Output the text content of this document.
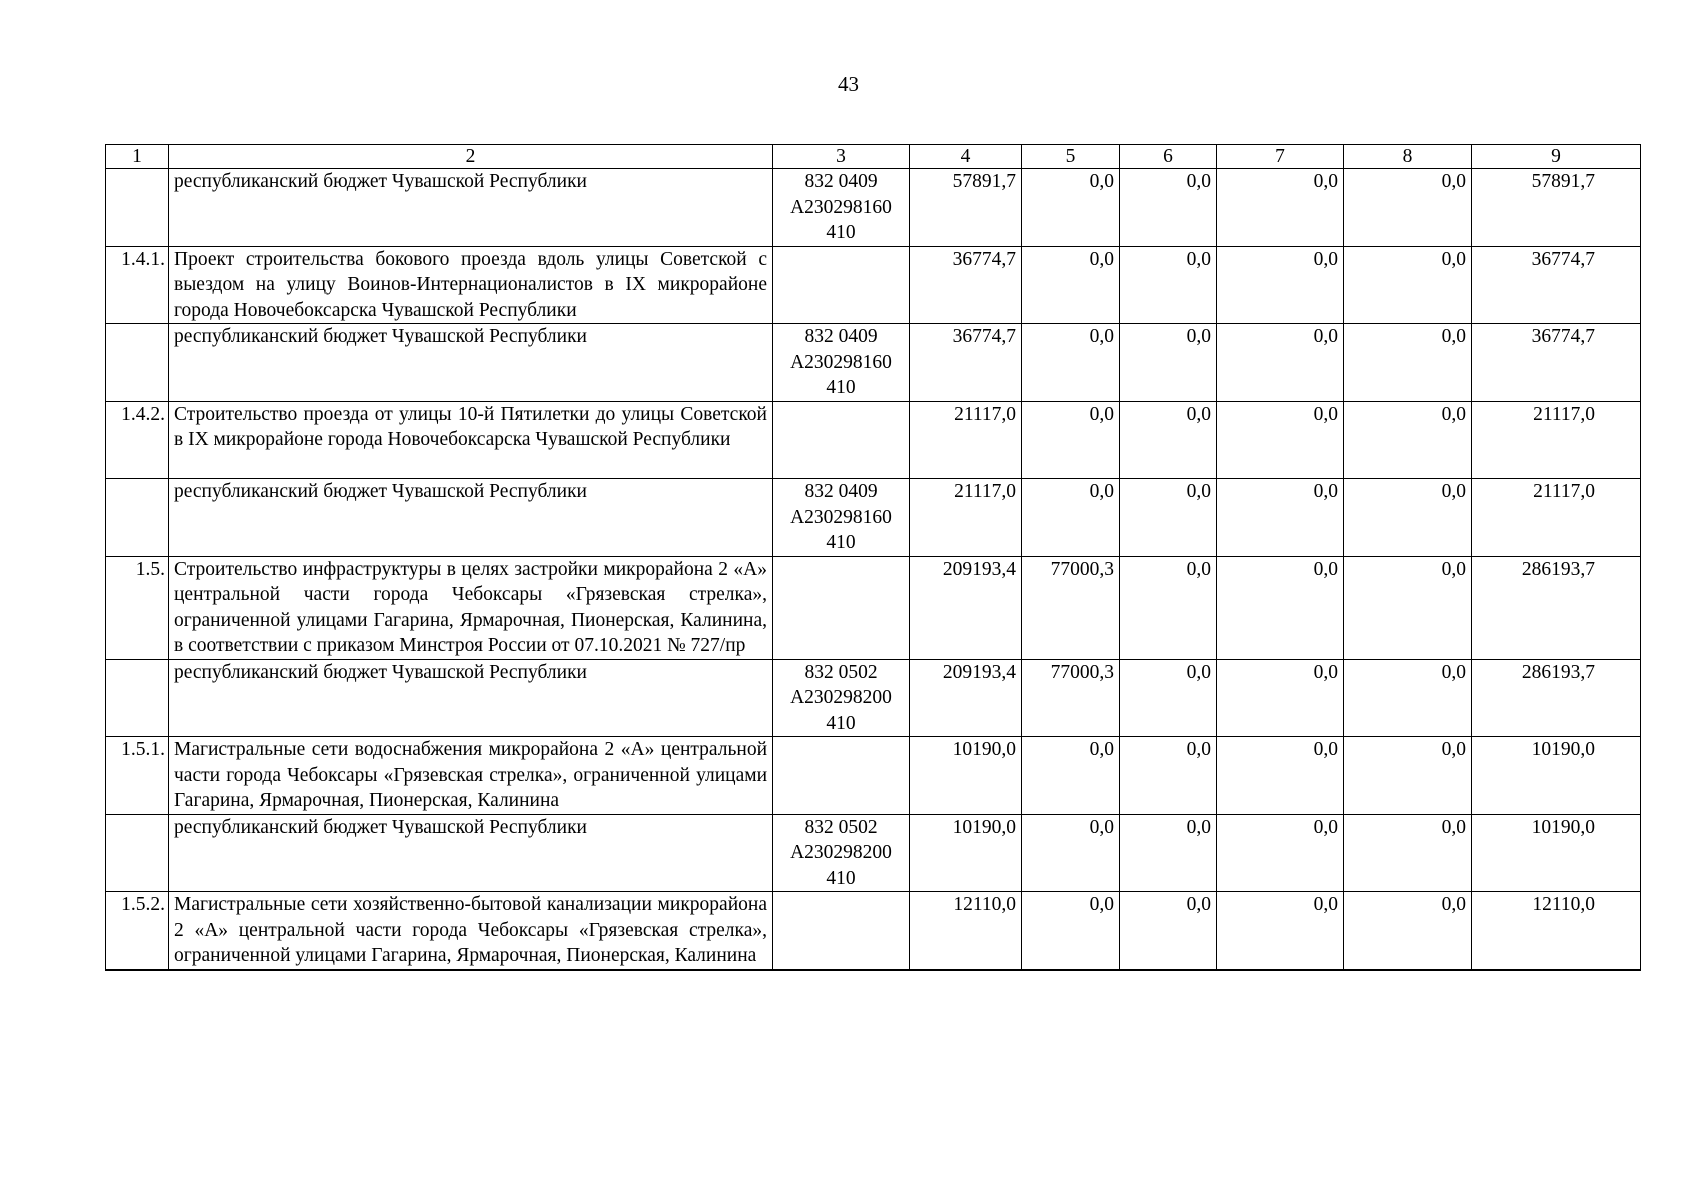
43
1	2	3	4	5	6	7	8	9
	республиканский бюджет Чувашской Республики	832 0409
А230298160
410	57891,7	0,0	0,0	0,0	0,0	57891,7
1.4.1.	Проект строительства бокового проезда вдоль улицы Советской с выездом на улицу Воинов-Интернационалистов в IX микрорайоне города Новочебоксарска Чувашской Республики		36774,7	0,0	0,0	0,0	0,0	36774,7
	республиканский бюджет Чувашской Республики	832 0409
А230298160
410	36774,7	0,0	0,0	0,0	0,0	36774,7
1.4.2.	Строительство проезда от улицы 10-й Пятилетки до улицы Советской в IX микрорайоне города Новочебоксарска Чувашской Республики		21117,0	0,0	0,0	0,0	0,0	21117,0
	республиканский бюджет Чувашской Республики	832 0409
А230298160
410	21117,0	0,0	0,0	0,0	0,0	21117,0
1.5.	Строительство инфраструктуры в целях застройки микрорайона 2 «А» центральной части города Чебоксары «Грязевская стрелка», ограниченной улицами Гагарина, Ярмарочная, Пионерская, Калинина, в соответствии с приказом Минстроя России от 07.10.2021 № 727/пр		209193,4	77000,3	0,0	0,0	0,0	286193,7
	республиканский бюджет Чувашской Республики	832 0502
А230298200
410	209193,4	77000,3	0,0	0,0	0,0	286193,7
1.5.1.	Магистральные сети водоснабжения микрорайона 2 «А» центральной части города Чебоксары «Грязевская стрелка», ограниченной улицами Гагарина, Ярмарочная, Пионерская, Калинина		10190,0	0,0	0,0	0,0	0,0	10190,0
	республиканский бюджет Чувашской Республики	832 0502
А230298200
410	10190,0	0,0	0,0	0,0	0,0	10190,0
1.5.2.	Магистральные сети хозяйственно-бытовой канализации микрорайона 2 «А» центральной части города Чебоксары «Грязевская стрелка», ограниченной улицами Гагарина, Ярмарочная, Пионерская, Калинина		12110,0	0,0	0,0	0,0	0,0	12110,0
